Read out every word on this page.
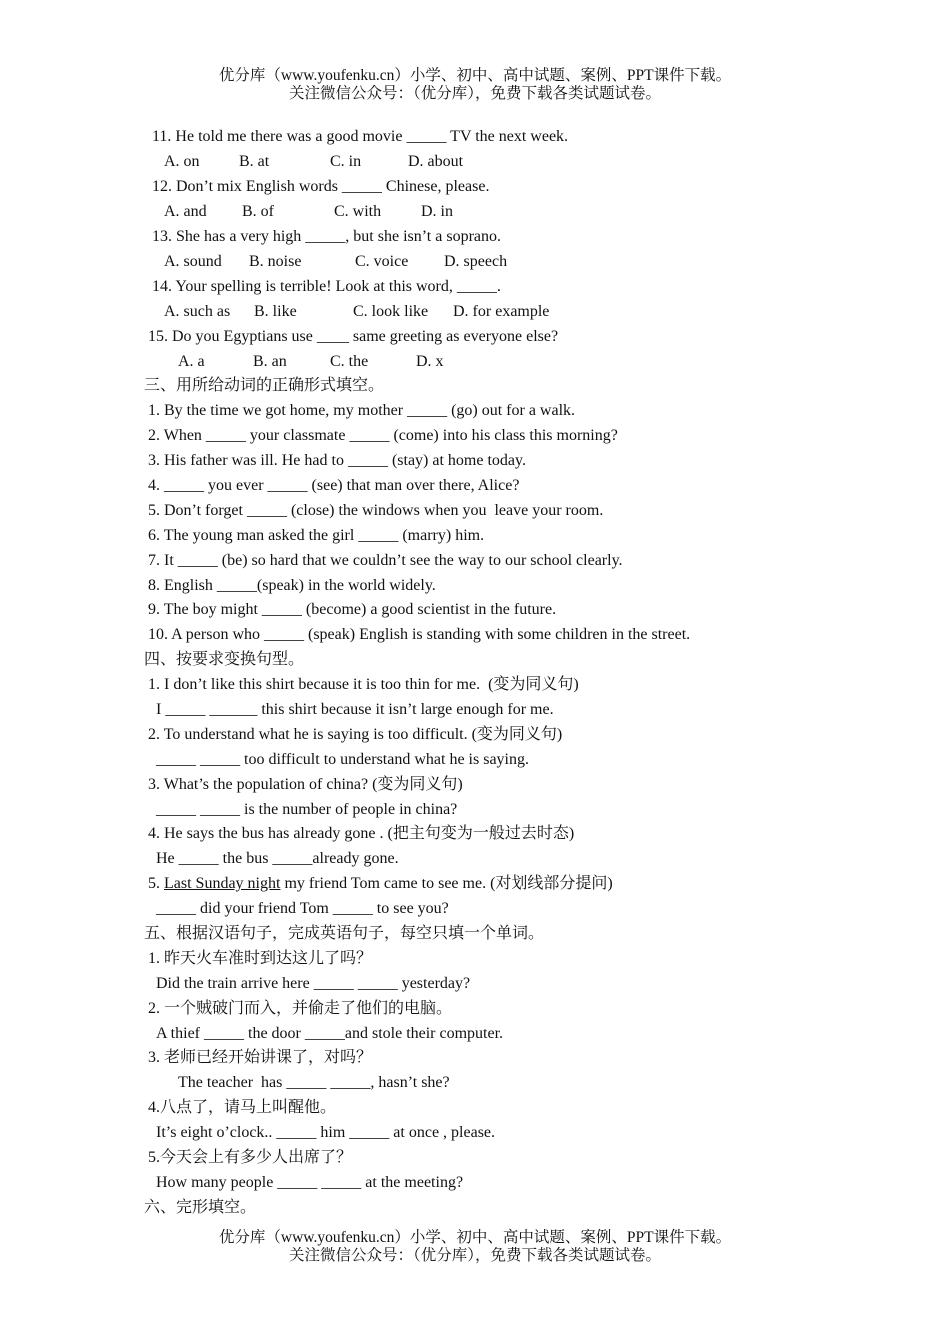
优分库（www.youfenku.cn）小学、初中、高中试题、案例、PPT课件下载。
关注微信公众号：（优分库），免费下载各类试题试卷。
11. He told me there was a good movie _____ TV the next week.
A. on B. at	C. in	D. about
12. Don’t mix English words _____ Chinese, please.
A. and B. of	C. with D. in
13. She has a very high _____, but she isn’t a soprano.
A. sound B. noise	C. voice D. speech
14. Your spelling is terrible! Look at this word, _____.
A. such as B. like	C. look like D. for example
15. Do you Egyptians use ____ same greeting as everyone else?
A. a	B. an	C. the	D. x
三、用所给动词的正确形式填空。
1. By the time we got home, my mother _____ (go) out for a walk.
2. When _____ your classmate _____ (come) into his class this morning?
3. His father was ill. He had to _____ (stay) at home today.
4. _____ you ever _____ (see) that man over there, Alice?
5. Don’t forget _____ (close) the windows when you  leave your room.
6. The young man asked the girl _____ (marry) him.
7. It _____ (be) so hard that we couldn’t see the way to our school clearly.
8. English _____(speak) in the world widely.
9. The boy might _____ (become) a good scientist in the future.
10. A person who _____ (speak) English is standing with some children in the street.
四、按要求变换句型。
1. I don’t like this shirt because it is too thin for me.  (变为同义句)
I _____ ______ this shirt because it isn’t large enough for me.
2. To understand what he is saying is too difficult. (变为同义句)
_____ _____ too difficult to understand what he is saying.
3. What’s the population of china? (变为同义句)
_____ _____ is the number of people in china?
4. He says the bus has already gone . (把主句变为一般过去时态)
He _____ the bus _____already gone.
5. Last Sunday night my friend Tom came to see me. (对划线部分提问)
_____ did your friend Tom _____ to see you?
五、根据汉语句子，完成英语句子，每空只填一个单词。
1. 昨天火车准时到达这儿了吗？
Did the train arrive here _____ _____ yesterday?
2. 一个贼破门而入，并偷走了他们的电脑。
A thief _____ the door _____and stole their computer.
3. 老师已经开始讲课了，对吗？
The teacher  has _____ _____, hasn’t she?
4.八点了，请马上叫醒他。
It’s eight o’clock.. _____ him _____ at once , please.
5.今天会上有多少人出席了？
How many people _____ _____ at the meeting?
六、完形填空。
优分库（www.youfenku.cn）小学、初中、高中试题、案例、PPT课件下载。
关注微信公众号：（优分库），免费下载各类试题试卷。
